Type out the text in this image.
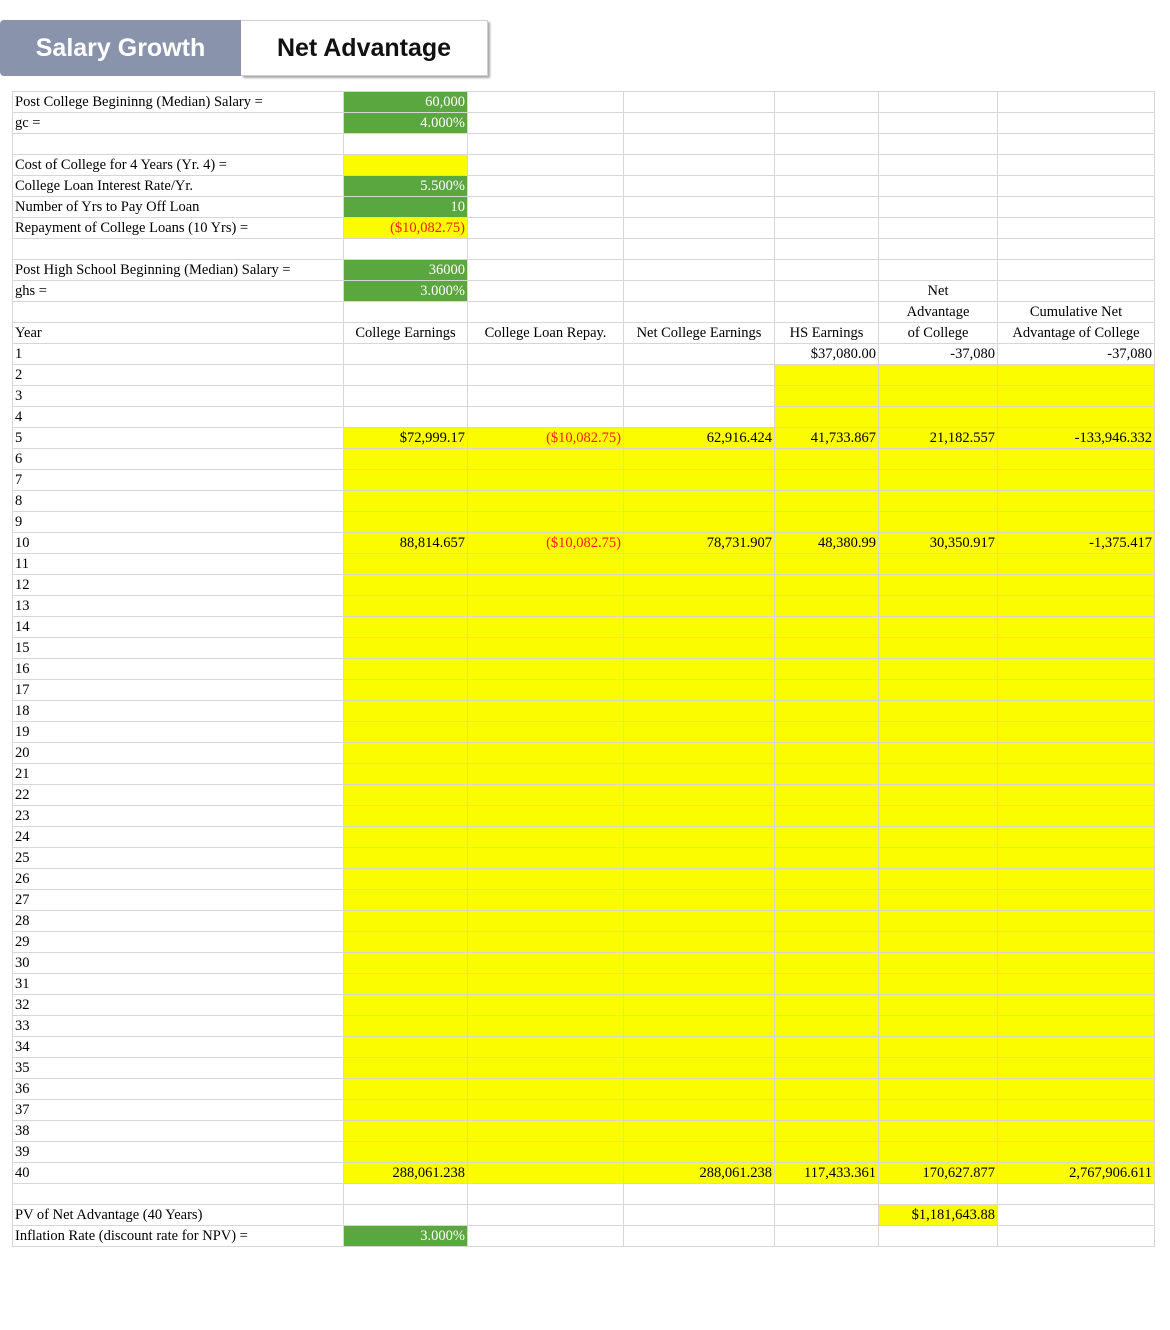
Salary Growth	Net Advantage
Post College Begininng (Median) Salary =	60,000					
gc =	4.000%					

Cost of College for 4 Years (Yr. 4) =						
College Loan Interest Rate/Yr.	5.500%					
Number of Yrs to Pay Off Loan	10					
Repayment of College Loans (10 Yrs) =	($10,082.75)					

Post High School Beginning (Median) Salary =	36000					
ghs =	3.000%				Net	
					Advantage	Cumulative Net
Year	College Earnings	College Loan Repay.	Net College Earnings	HS Earnings	of College	Advantage of College
1				$37,080.00	-37,080	-37,080
2						
3						
4						
5	$72,999.17	($10,082.75)	62,916.424	41,733.867	21,182.557	-133,946.332
6						
7						
8						
9						
10	88,814.657	($10,082.75)	78,731.907	48,380.99	30,350.917	-1,375.417
11						
12						
13						
14						
15						
16						
17						
18						
19						
20						
21						
22						
23						
24						
25						
26						
27						
28						
29						
30						
31						
32						
33						
34						
35						
36						
37						
38						
39						
40	288,061.238		288,061.238	117,433.361	170,627.877	2,767,906.611

PV of Net Advantage (40 Years)					$1,181,643.88	
Inflation Rate (discount rate for NPV) =	3.000%					
